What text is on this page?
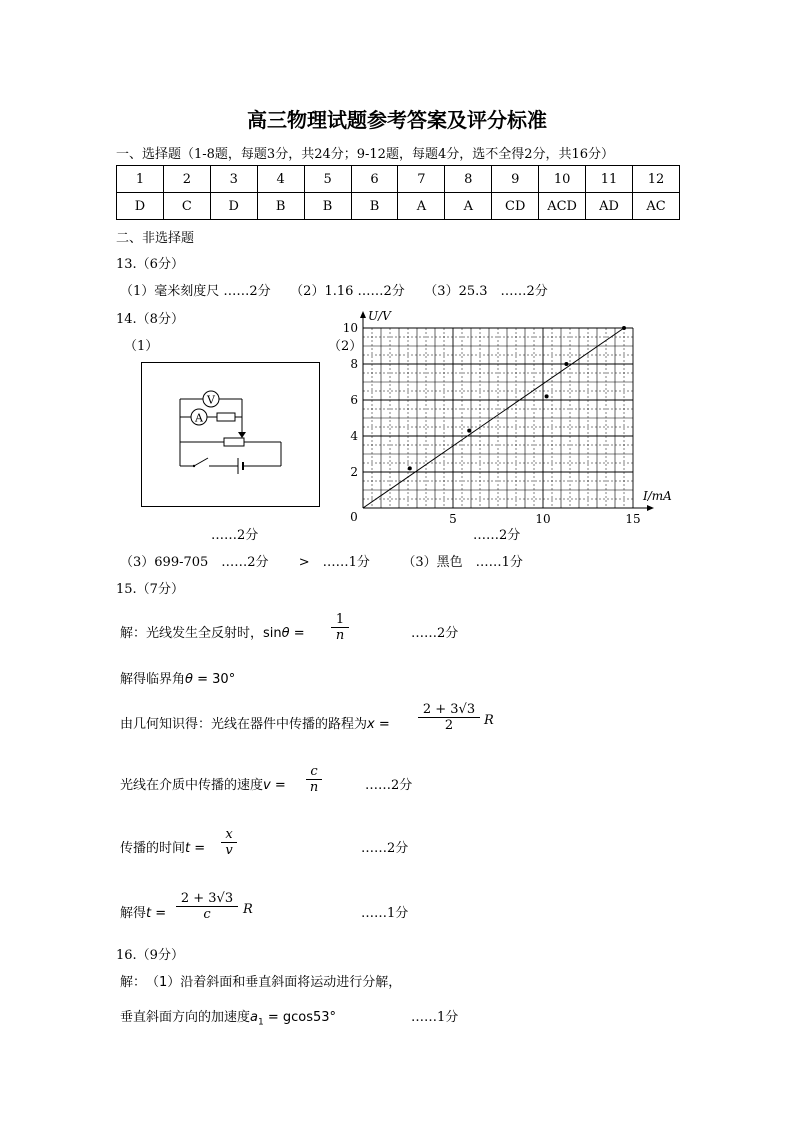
高三物理试题参考答案及评分标准
一、选择题（1-8题，每题3分，共24分；9-12题，每题4分，选不全得2分，共16分）
1	2	3	4	5	6	7	8	9	10	11	12
D	C	D	B	B	B	A	A	CD	ACD	AD	AC
二、非选择题
13.（6分）
（1）毫米刻度尺 ……2分　　（2）1.16 ……2分　　（3）25.3　……2分
14.（8分）
（1）	（2）
V
A
0	5	10	15
2
4
6
8
10
U/V
I/mA
……2分	……2分
（3）699-705　……2分　　 >　……1分　　　（3）黑色　……1分
15.（7分）
解：光线发生全反射时，$\sin\theta = \frac{1}{n}$	……2分
解得临界角θ = 30°
由几何知识得：光线在器件中传播的路程为$x = \frac{2 + 3√3}{2}$ R
光线在介质中传播的速度$v = \frac{c}{n}$	……2分
传播的时间$t = \frac{x}{v}$	……2分
解得$t = \frac{2 + 3√3}{c}$ R	……1分
16.（9分）
解：　（1）沿着斜面和垂直斜面将运动进行分解，
垂直斜面方向的加速度$a_1 = gcos53^\circ$	……1分
